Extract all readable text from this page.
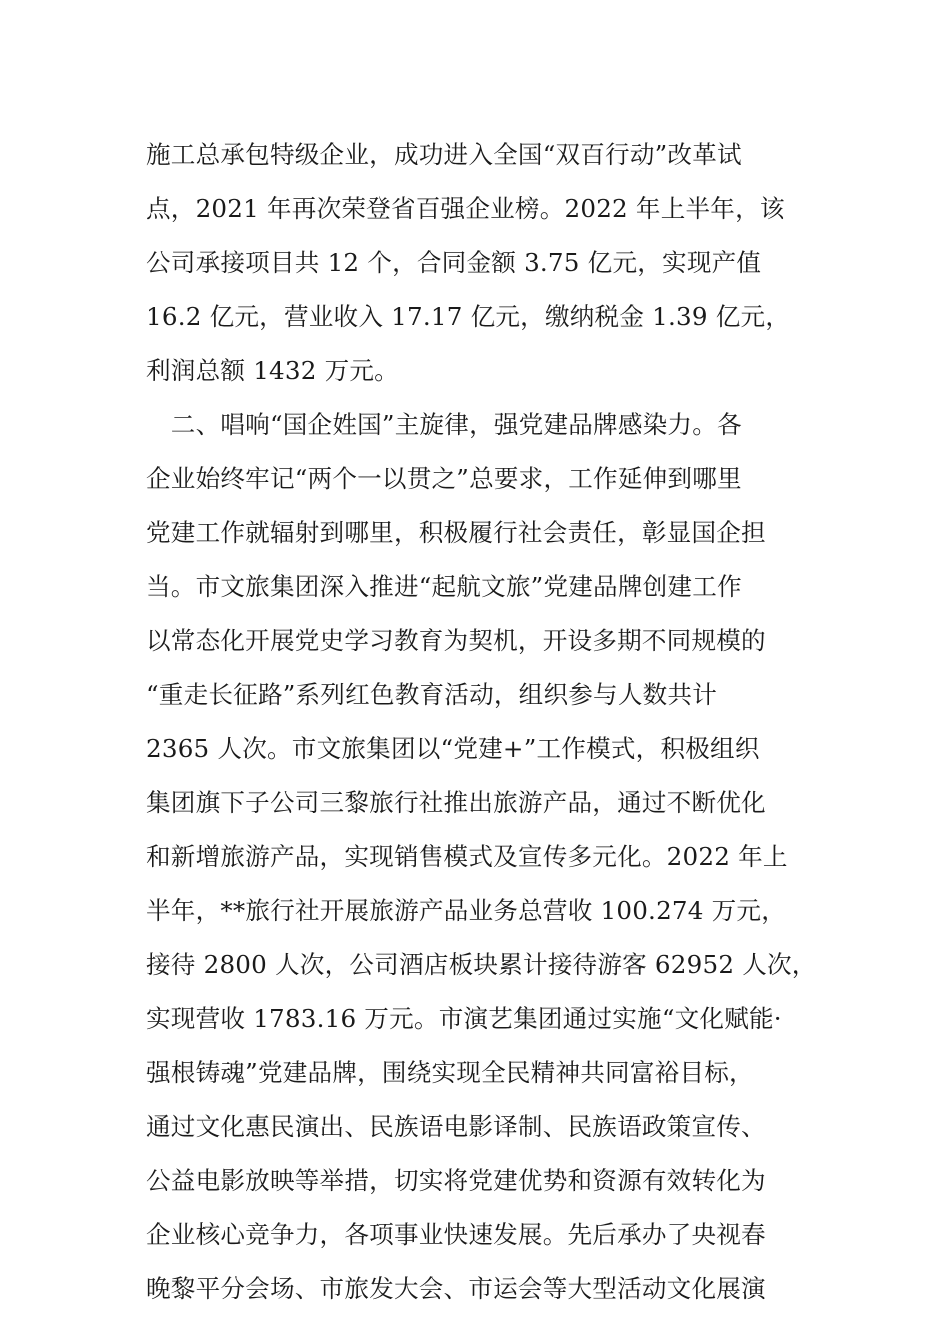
施工总承包特级企业，成功进入全国“双百行动”改革试
点，2021 年再次荣登省百强企业榜。2022 年上半年，该
公司承接项目共 12 个，合同金额 3.75 亿元，实现产值
16.2 亿元，营业收入 17.17 亿元，缴纳税金 1.39 亿元，
利润总额 1432 万元。
　二、唱响“国企姓国”主旋律，强党建品牌感染力。各
企业始终牢记“两个一以贯之”总要求，工作延伸到哪里
党建工作就辐射到哪里，积极履行社会责任，彰显国企担
当。市文旅集团深入推进“起航文旅”党建品牌创建工作
以常态化开展党史学习教育为契机，开设多期不同规模的
“重走长征路”系列红色教育活动，组织参与人数共计
2365 人次。市文旅集团以“党建+”工作模式，积极组织
集团旗下子公司三黎旅行社推出旅游产品，通过不断优化
和新增旅游产品，实现销售模式及宣传多元化。2022 年上
半年，**旅行社开展旅游产品业务总营收 100.274 万元，
接待 2800 人次，公司酒店板块累计接待游客 62952 人次，
实现营收 1783.16 万元。市演艺集团通过实施“文化赋能·
强根铸魂”党建品牌，围绕实现全民精神共同富裕目标，
通过文化惠民演出、民族语电影译制、民族语政策宣传、
公益电影放映等举措，切实将党建优势和资源有效转化为
企业核心竞争力，各项事业快速发展。先后承办了央视春
晚黎平分会场、市旅发大会、市运会等大型活动文化展演
